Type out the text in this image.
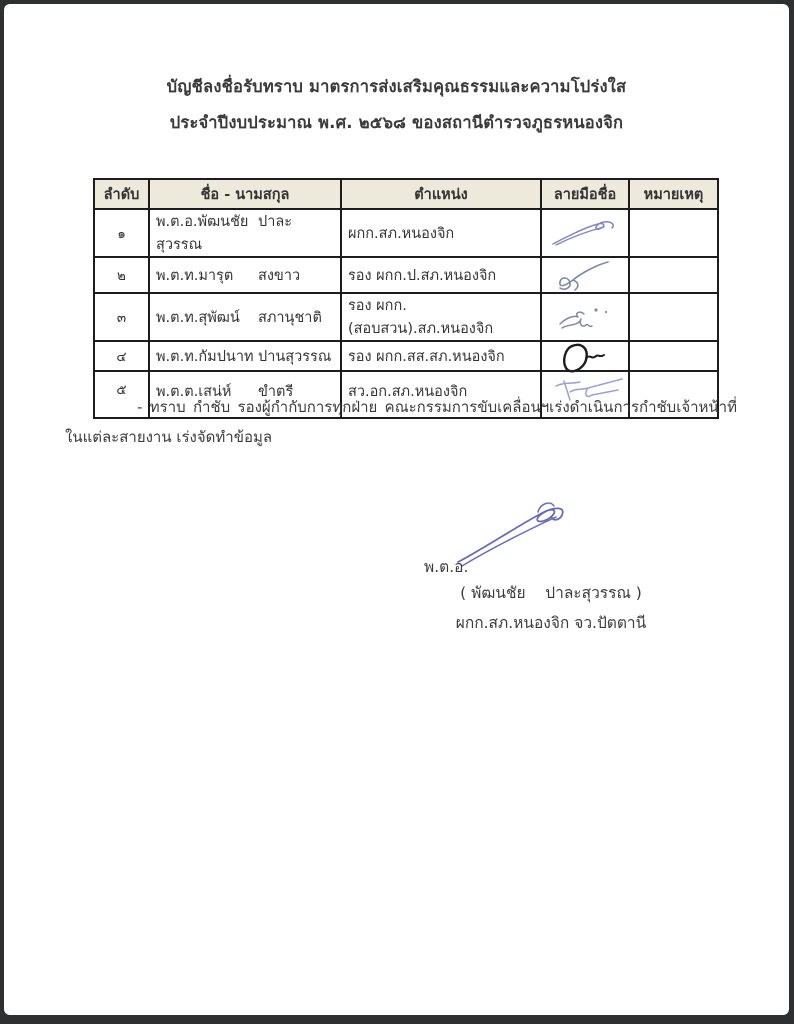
บัญชีลงชื่อรับทราบ มาตรการส่งเสริมคุณธรรมและความโปร่งใส
ประจำปีงบประมาณ พ.ศ. ๒๕๖๘ ของสถานีตำรวจภูธรหนองจิก
ลำดับ	ชื่อ - นามสกุล	ตำแหน่ง	ลายมือชื่อ	หมายเหตุ
๑	พ.ต.อ.พัฒนชัย ปาละสุวรรณ	ผกก.สภ.หนองจิก	

๒	พ.ต.ท.มารุต สงขาว	รอง ผกก.ป.สภ.หนองจิก	

๓	พ.ต.ท.สุพัฒน์ สภานุชาติ	รอง ผกก.(สอบสวน).สภ.หนองจิก	

๔	พ.ต.ท.กัมปนาท ปานสุวรรณ	รอง ผกก.สส.สภ.หนองจิก	

๕	พ.ต.ต.เสน่ห์ ขำตรี	สว.อก.สภ.หนองจิก	

- ทราบ กำชับ รองผู้กำกับการทุกฝ่าย คณะกรรมการขับเคลื่อนฯเร่งดำเนินการกำชับเจ้าหน้าที่ในแต่ละสายงาน เร่งจัดทำข้อมูล
พ.ต.อ.
( พัฒนชัย    ปาละสุวรรณ )
ผกก.สภ.หนองจิก จว.ปัตตานี
